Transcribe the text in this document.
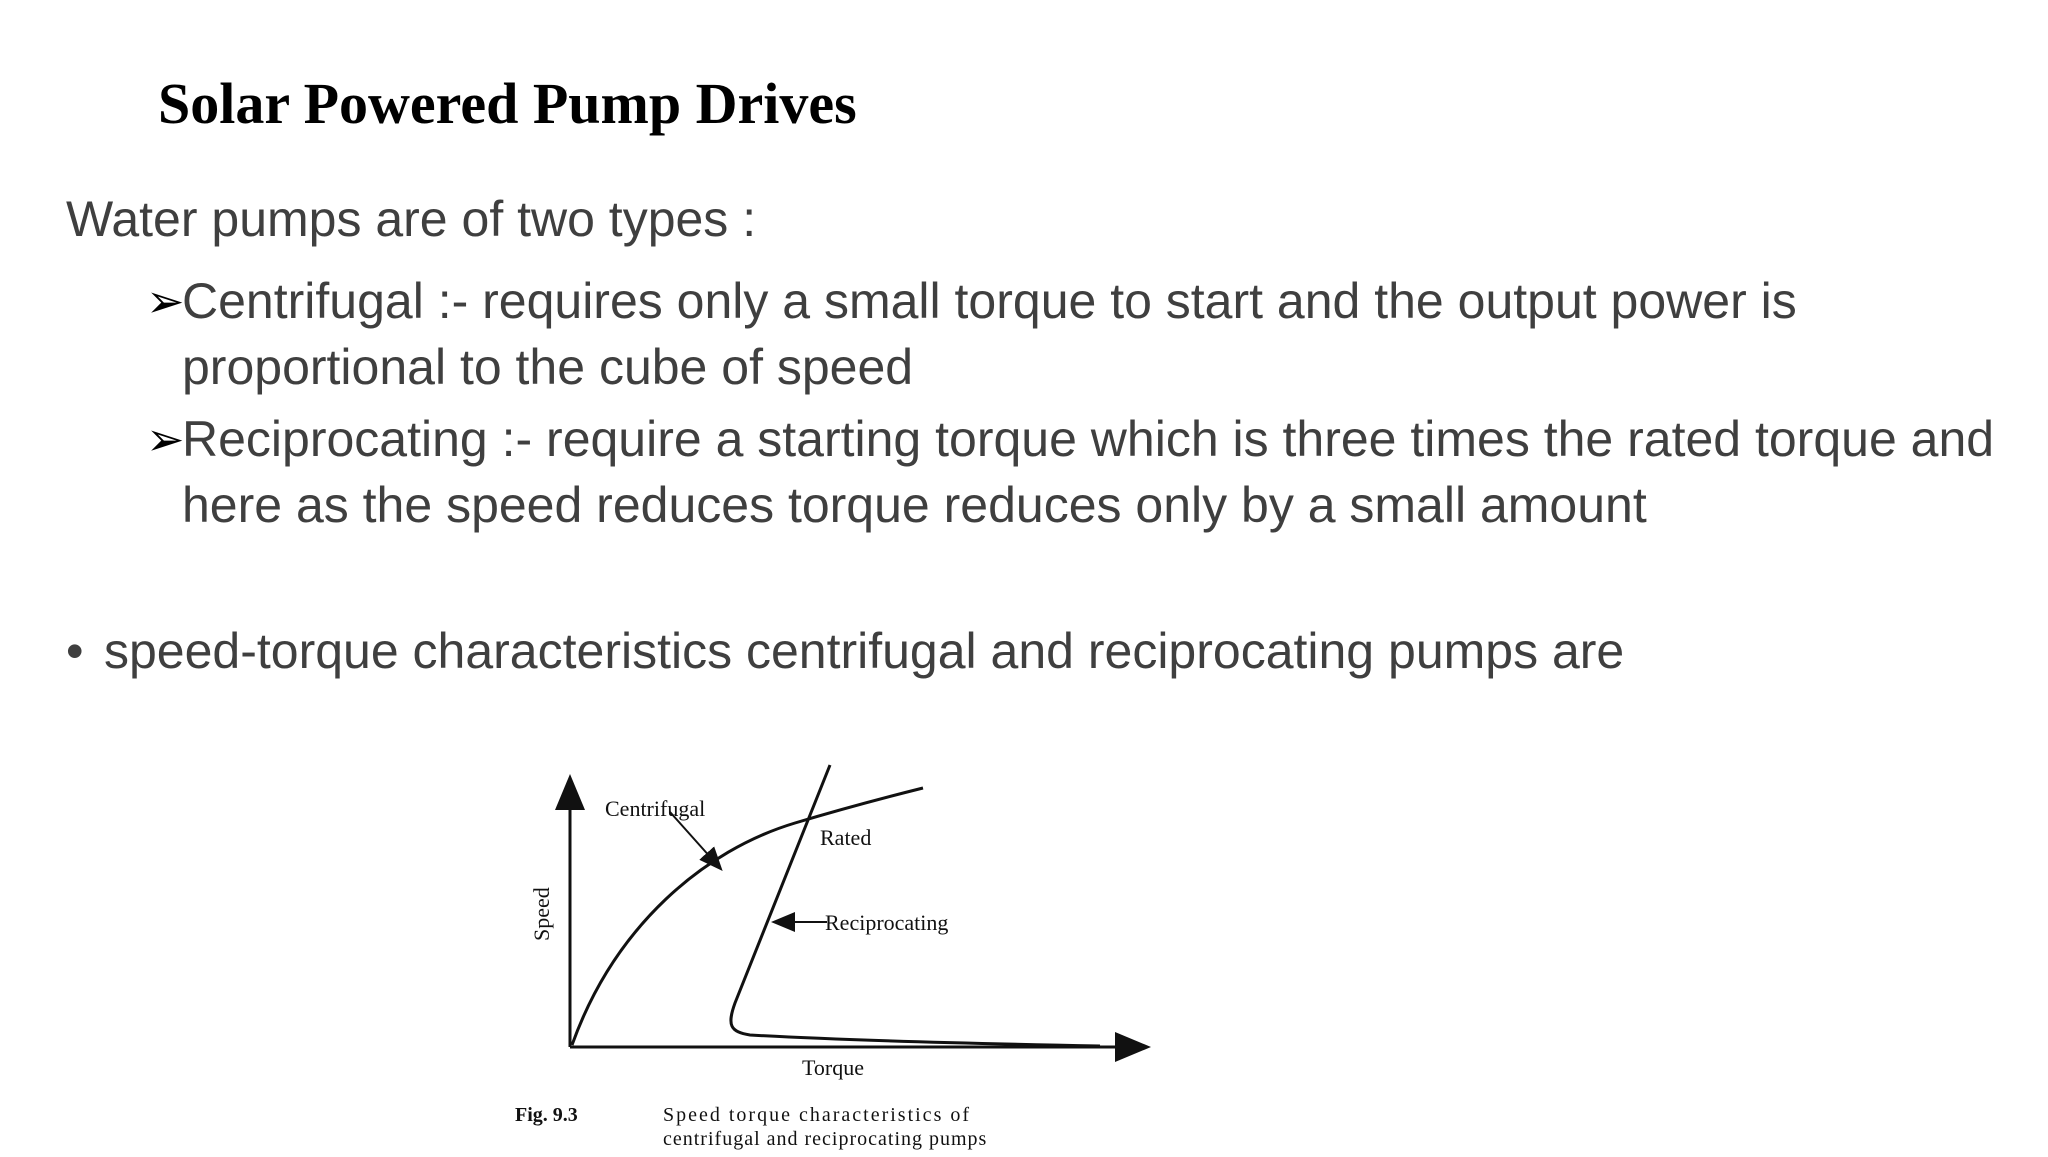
Solar Powered Pump Drives
Water pumps are of two types :
➢
Centrifugal :- requires only a small torque to start and the output power is proportional to the cube of speed
➢
Reciprocating :- require a starting torque which is three times the rated torque and here as the speed reduces torque reduces only by a small amount
• speed-torque characteristics centrifugal and reciprocating pumps are
Centrifugal
Rated
Reciprocating
Speed
Torque
Fig. 9.3	Speed torque characteristics of
centrifugal and reciprocating pumps
